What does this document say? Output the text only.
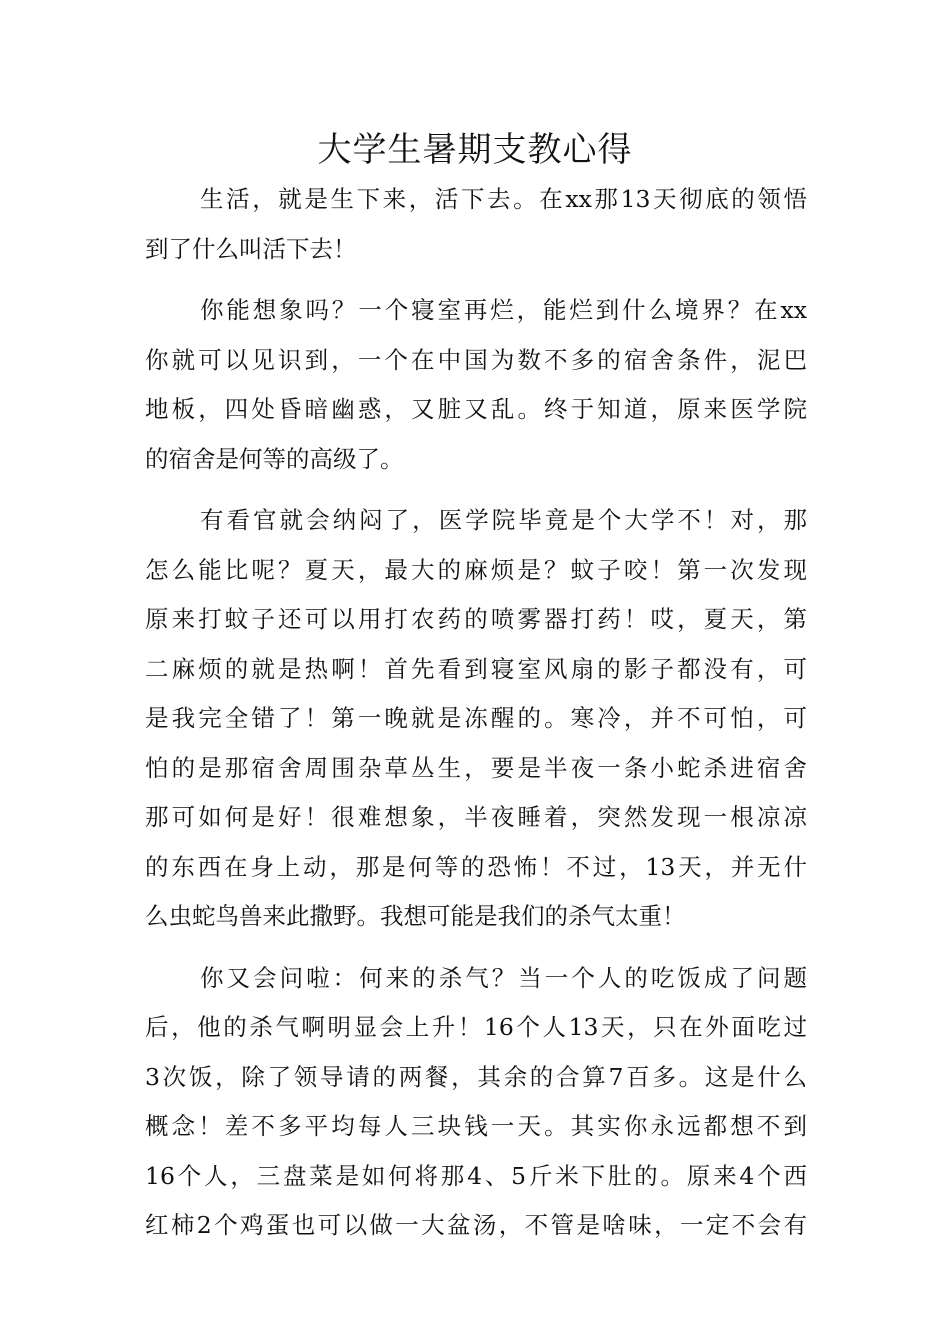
大学生暑期支教心得
生活，就是生下来，活下去。在xx那13天彻底的领悟
到了什么叫活下去！
你能想象吗？一个寝室再烂，能烂到什么境界？在xx
你就可以见识到，一个在中国为数不多的宿舍条件，泥巴
地板，四处昏暗幽惑，又脏又乱。终于知道，原来医学院
的宿舍是何等的高级了。
有看官就会纳闷了，医学院毕竟是个大学不！对，那
怎么能比呢？夏天，最大的麻烦是？蚊子咬！第一次发现
原来打蚊子还可以用打农药的喷雾器打药！哎，夏天，第
二麻烦的就是热啊！首先看到寝室风扇的影子都没有，可
是我完全错了！第一晚就是冻醒的。寒冷，并不可怕，可
怕的是那宿舍周围杂草丛生，要是半夜一条小蛇杀进宿舍
那可如何是好！很难想象，半夜睡着，突然发现一根凉凉
的东西在身上动，那是何等的恐怖！不过，13天，并无什
么虫蛇鸟兽来此撒野。我想可能是我们的杀气太重！
你又会问啦：何来的杀气？当一个人的吃饭成了问题
后，他的杀气啊明显会上升！16个人13天，只在外面吃过
3次饭，除了领导请的两餐，其余的合算7百多。这是什么
概念！差不多平均每人三块钱一天。其实你永远都想不到
16个人，三盘菜是如何将那4、5斤米下肚的。原来4个西
红柿2个鸡蛋也可以做一大盆汤，不管是啥味，一定不会有
